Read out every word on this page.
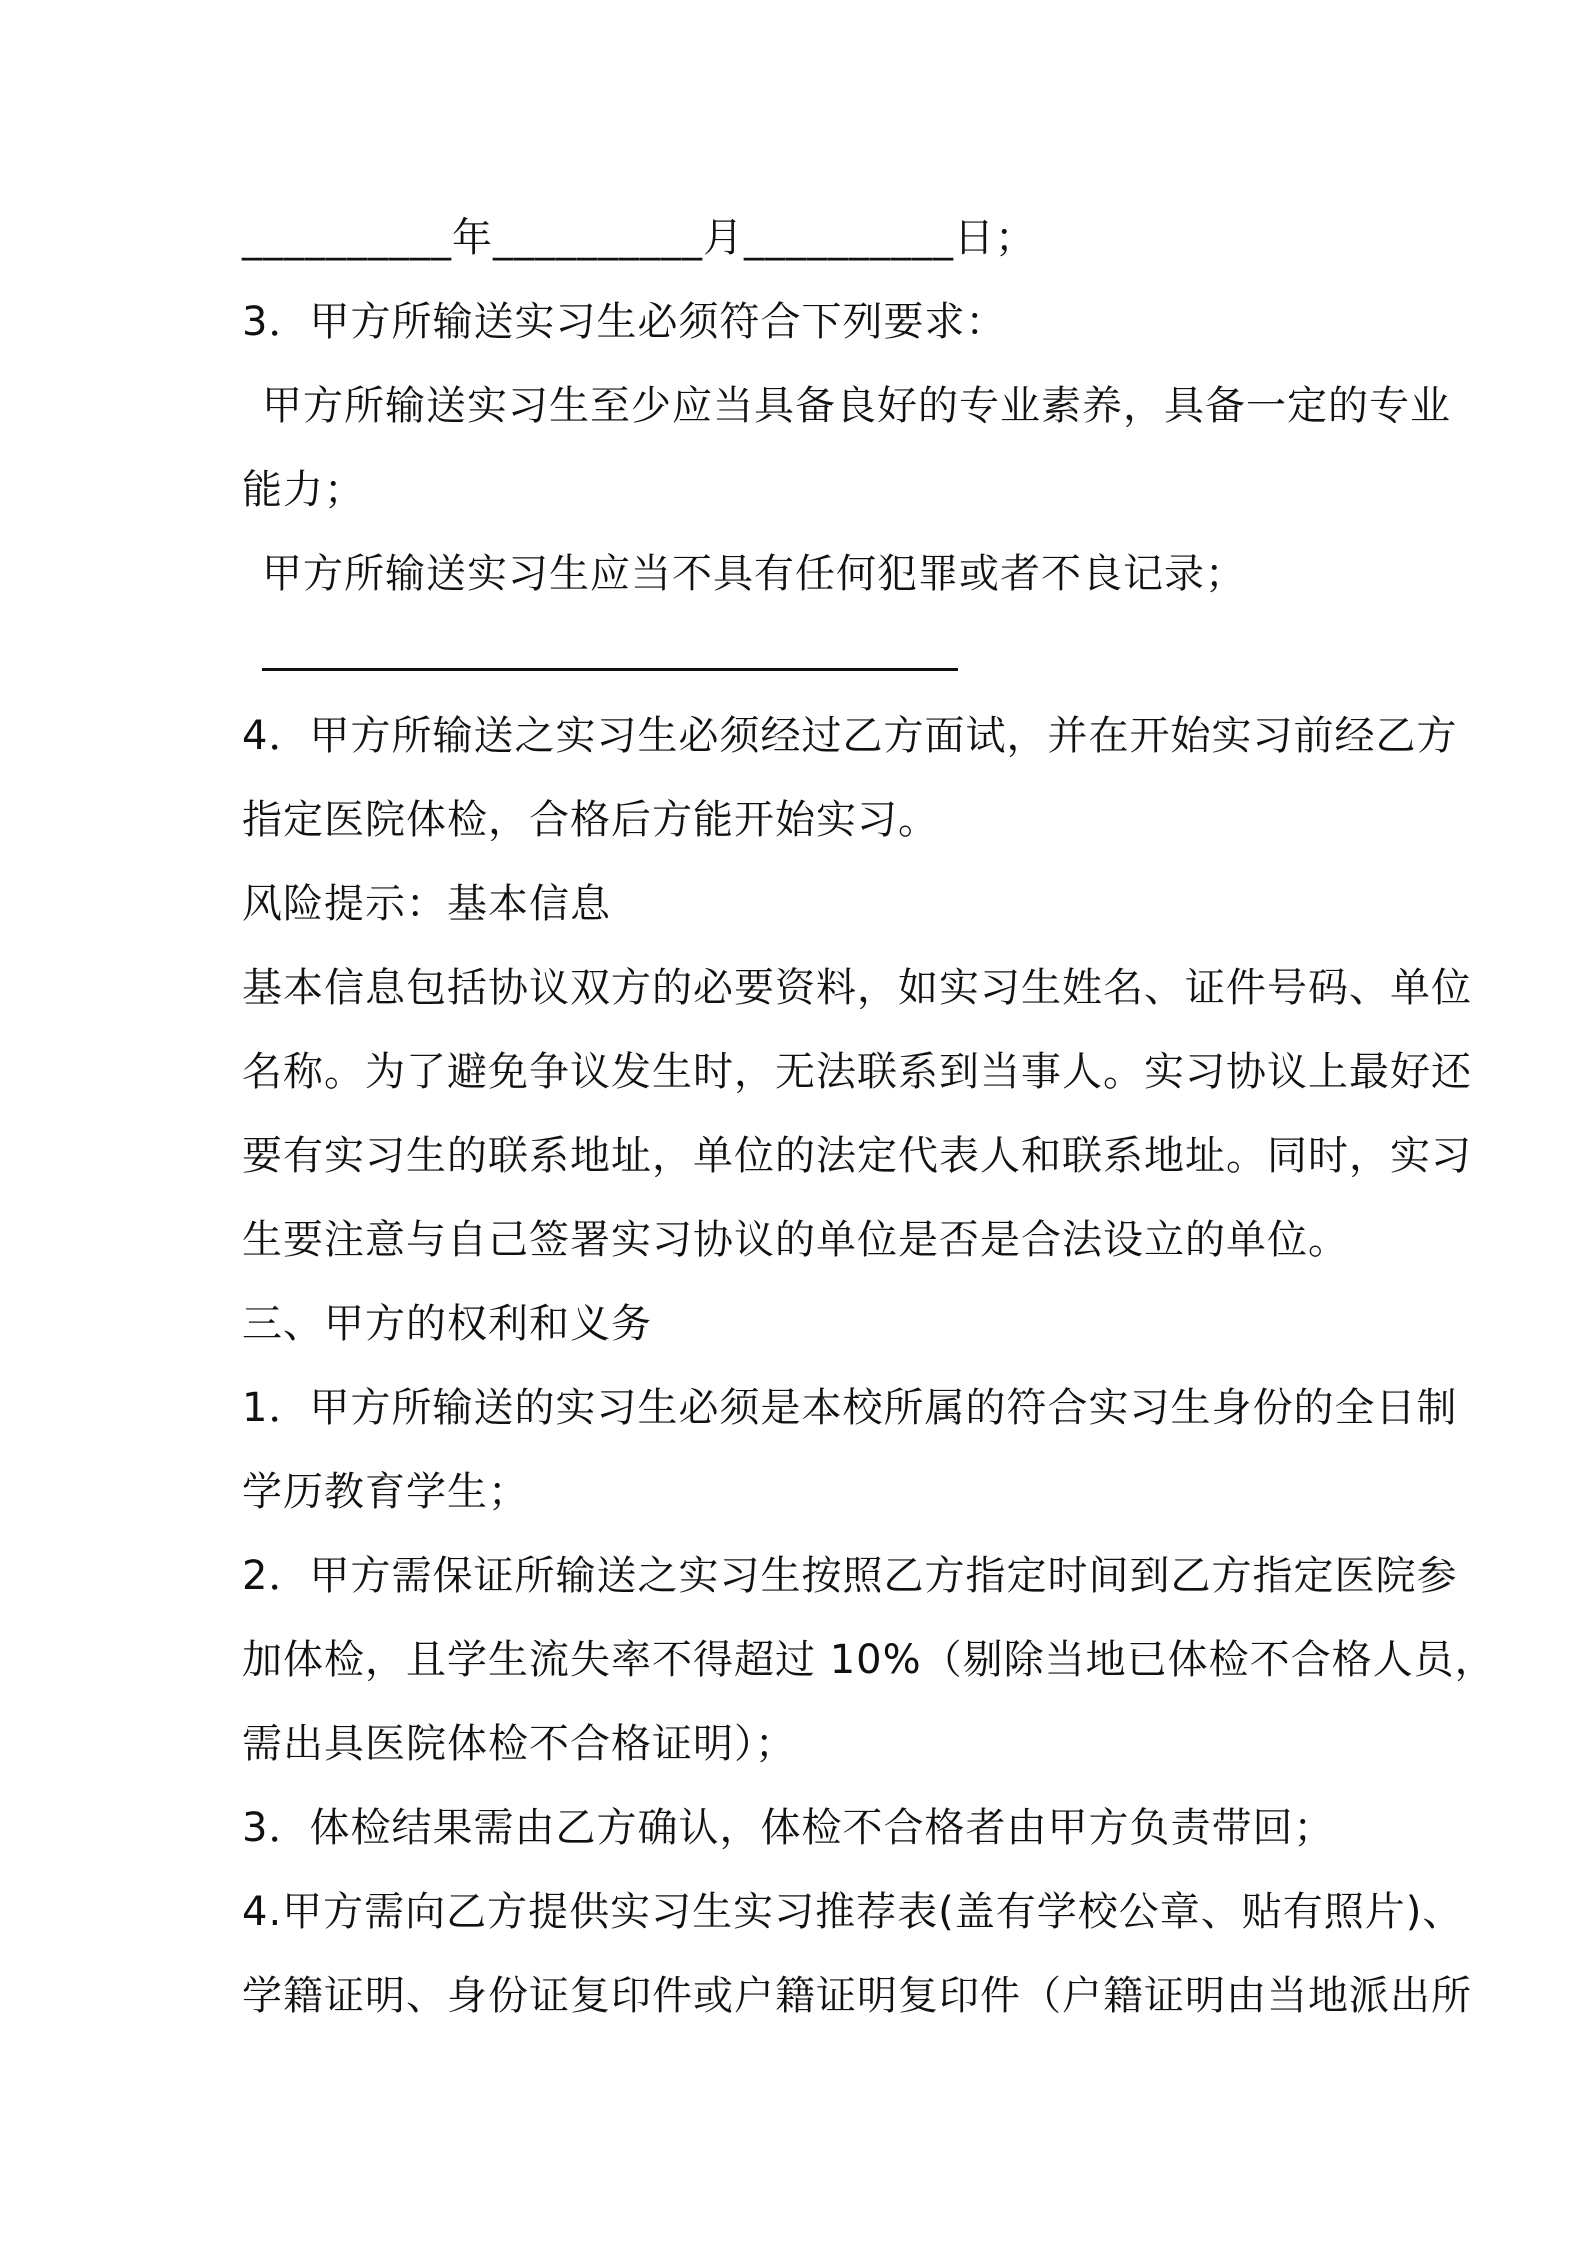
__________年__________月__________日；
3．甲方所输送实习生必须符合下列要求：
甲方所输送实习生至少应当具备良好的专业素养，具备一定的专业
能力；
甲方所输送实习生应当不具有任何犯罪或者不良记录；
4．甲方所输送之实习生必须经过乙方面试，并在开始实习前经乙方
指定医院体检，合格后方能开始实习。
风险提示：基本信息
基本信息包括协议双方的必要资料，如实习生姓名、证件号码、单位
名称。为了避免争议发生时，无法联系到当事人。实习协议上最好还
要有实习生的联系地址，单位的法定代表人和联系地址。同时，实习
生要注意与自己签署实习协议的单位是否是合法设立的单位。
三、甲方的权利和义务
1．甲方所输送的实习生必须是本校所属的符合实习生身份的全日制
学历教育学生；
2．甲方需保证所输送之实习生按照乙方指定时间到乙方指定医院参
加体检，且学生流失率不得超过 10%（剔除当地已体检不合格人员，
需出具医院体检不合格证明）；
3．体检结果需由乙方确认，体检不合格者由甲方负责带回；
4.甲方需向乙方提供实习生实习推荐表(盖有学校公章、贴有照片)、
学籍证明、身份证复印件或户籍证明复印件（户籍证明由当地派出所
